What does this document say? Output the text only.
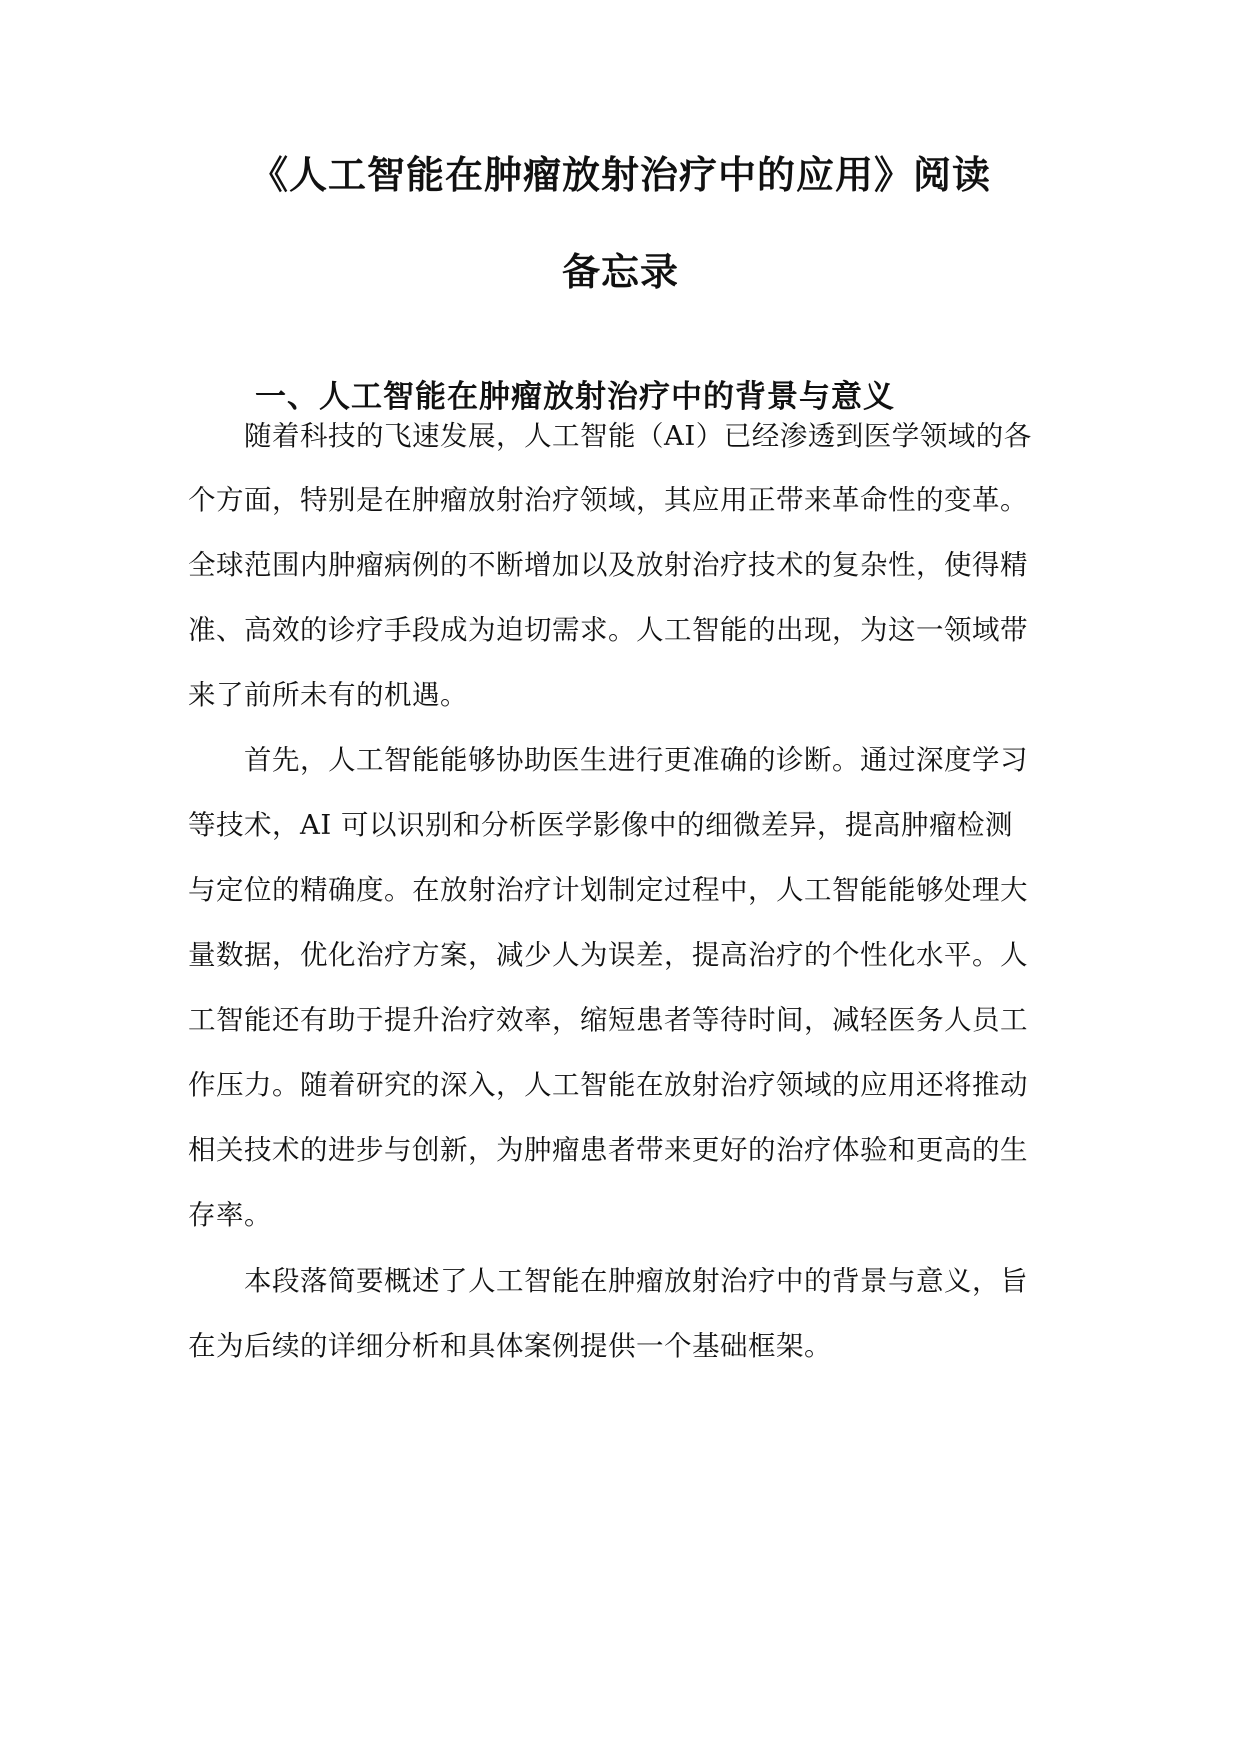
《人工智能在肿瘤放射治疗中的应用》阅读
备忘录
一、人工智能在肿瘤放射治疗中的背景与意义

随着科技的飞速发展，人工智能（AI）已经渗透到医学领域的各

个方面，特别是在肿瘤放射治疗领域，其应用正带来革命性的变革。

全球范围内肿瘤病例的不断增加以及放射治疗技术的复杂性，使得精

准、高效的诊疗手段成为迫切需求。人工智能的出现，为这一领域带

来了前所未有的机遇。

首先，人工智能能够协助医生进行更准确的诊断。通过深度学习

等技术，AI 可以识别和分析医学影像中的细微差异，提高肿瘤检测

与定位的精确度。在放射治疗计划制定过程中，人工智能能够处理大

量数据，优化治疗方案，减少人为误差，提高治疗的个性化水平。人

工智能还有助于提升治疗效率，缩短患者等待时间，减轻医务人员工

作压力。随着研究的深入，人工智能在放射治疗领域的应用还将推动

相关技术的进步与创新，为肿瘤患者带来更好的治疗体验和更高的生

存率。

本段落简要概述了人工智能在肿瘤放射治疗中的背景与意义，旨

在为后续的详细分析和具体案例提供一个基础框架。
